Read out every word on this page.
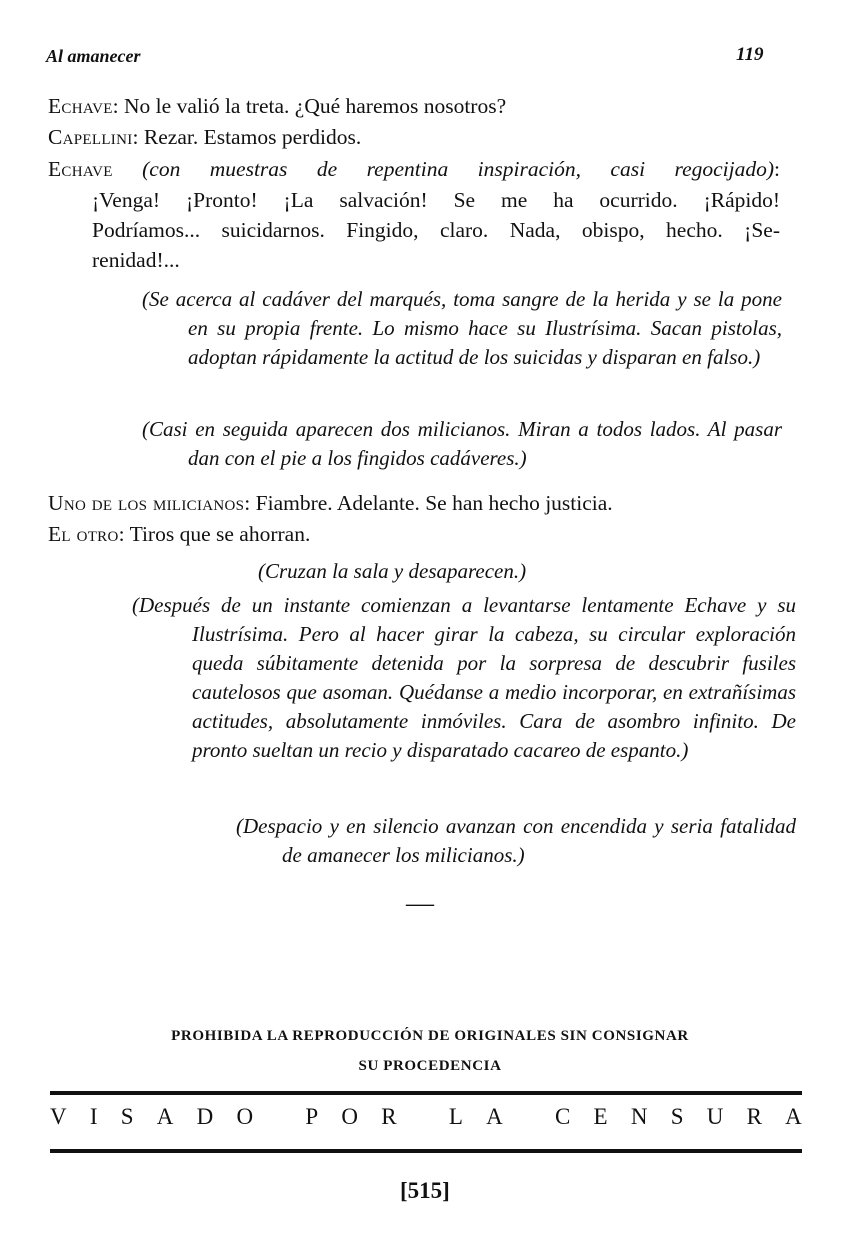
Al amanecer	119
Echave: No le valió la treta. ¿Qué haremos nosotros?
Capellini: Rezar. Estamos perdidos.
Echave (con muestras de repentina inspiración, casi regocijado):
¡Venga! ¡Pronto! ¡La salvación! Se me ha ocurrido. ¡Rápido!
Podríamos... suicidarnos. Fingido, claro. Nada, obispo, hecho. ¡Se-
renidad!...
(Se acerca al cadáver del marqués, toma sangre de la herida y se la pone en su propia frente. Lo mismo hace su Ilustrísima. Sacan pistolas, adoptan rápidamente la actitud de los suicidas y disparan en falso.)
(Casi en seguida aparecen dos milicianos. Miran a todos lados. Al pasar dan con el pie a los fingidos cadáveres.)
Uno de los milicianos: Fiambre. Adelante. Se han hecho justicia.
El otro: Tiros que se ahorran.
(Cruzan la sala y desaparecen.)
(Después de un instante comienzan a levantarse lentamente Echave y su Ilustrísima. Pero al hacer girar la cabeza, su circular exploración queda súbitamente detenida por la sorpresa de descubrir fusiles cautelosos que asoman. Quédanse a medio incorporar, en extrañísimas actitudes, absolutamente inmóviles. Cara de asombro infinito. De pronto sueltan un recio y disparatado cacareo de espanto.)
(Despacio y en silencio avanzan con encendida y seria fatalidad de amanecer los milicianos.)
—
PROHIBIDA LA REPRODUCCIÓN DE ORIGINALES SIN CONSIGNAR
SU PROCEDENCIA
V I S A D O
P O R
L A
C E N S U R A
[515]
